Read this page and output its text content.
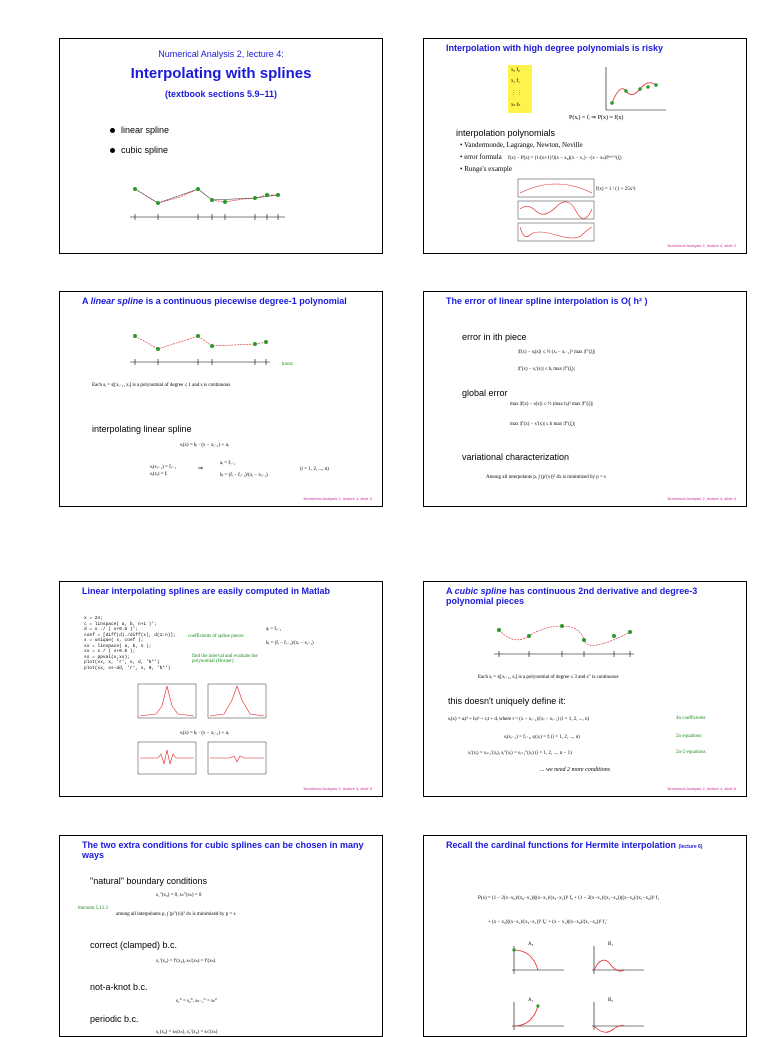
Numerical Analysis 2, lecture 4:
Interpolating with splines
(textbook sections 5.9–11)
linear spline
cubic spline
Interpolation with high degree polynomials is risky
x₀ f₀
x₁ f₁
⋮ ⋮
xₙ fₙ
P(xᵢ) = fᵢ ⇒ P(x) ≈ f(x)
interpolation polynomials
• Vandermonde, Lagrange, Newton, Neville
• error formula f(x) − P(x) = (1/(n+1)!)(x − x₀)(x − x₁)···(x − xₙ)f⁽ⁿ⁺¹⁾(ξ)
• Runge's example
f(x) = 1 / (1 + 25x²)
Numerical Analysis 2, lecture 4, slide 2
A linear spline is a continuous piecewise degree-1 polynomial
knots
Each sᵢ = s|[xᵢ₋₁, xᵢ] is a polynomial of degree ≤ 1 and s is continuous
interpolating linear spline
sᵢ(x) = bᵢ · (x − xᵢ₋₁) + aᵢ
sᵢ(xᵢ₋₁) = fᵢ₋₁
sᵢ(xᵢ) = fᵢ
⇒
aᵢ = fᵢ₋₁
bᵢ = (fᵢ − fᵢ₋₁)/(xᵢ − xᵢ₋₁)
(i = 1, 2, ..., n)
Numerical Analysis 2, lecture 4, slide 3
The error of linear spline interpolation is O( h² )
error in ith piece
|f(x) − sᵢ(x)| ≤ ½ (xᵢ − xᵢ₋₁)² max |f″(ξ)|
|f′(x) − sᵢ′(x)| ≤ hᵢ max |f″(ξ)|
global error
max |f(x) − s(x)| ≤ ½ (max hᵢ)² max |f″(ξ)|
max |f′(x) − s′(x)| ≤ h max |f″(ξ)|
variational characterization
Among all interpolants p, ∫ (p′(x))² dx is minimized by p = s
Numerical Analysis 2, lecture 4, slide 4
Linear interpolating splines are easily computed in Matlab
x = 2n;
c = linspace( a, b, n+1 )';
d = x ./ ( x+0.6 )';
coef = [diff(d)./diff(x), d(1:n)];
x = unique( x, coef );
xx = linspace( a, b, n );
xx = x / ( x+0.6 );
ss = ppval(x,xx);
plot(xx, x, 'r', x, d, 'b*')
plot(xx, ss-dd, 'r', x, 0, 'b*')
coefficients of spline pieces
aᵢ = fᵢ₋₁
bᵢ = (fᵢ − fᵢ₋₁)/(xᵢ − xᵢ₋₁)
find the interval and evaluate the polynomial (Horner)
sᵢ(x) = bᵢ · (x − xᵢ₋₁) + aᵢ
Numerical Analysis 2, lecture 4, slide 5
A cubic spline has continuous 2nd derivative and degree-3 polynomial pieces
Each sᵢ = s|[xᵢ₋₁, xᵢ] is a polynomial of degree ≤ 3 and s″ is continuous
this doesn't uniquely define it:
sᵢ(x) = aᵢt³ + bᵢt² + cᵢt + dᵢ where t = (x − xᵢ₋₁)/(xᵢ − xᵢ₋₁) (i = 1, 2, ..., n)	4n coefficients
sᵢ(xᵢ₋₁) = fᵢ₋₁, sᵢ(xᵢ) = fᵢ (i = 1, 2, ..., n)	2n equations
sᵢ′(xᵢ) = sᵢ₊₁′(xᵢ), sᵢ″(xᵢ) = sᵢ₊₁″(xᵢ) (i = 1, 2, ..., n − 1)	2n-2 equations
... we need 2 more conditions
Numerical Analysis 2, lecture 4, slide 6
The two extra conditions for cubic splines can be chosen in many ways
"natural" boundary conditions
s₁″(x₀) = 0, sₙ″(xₙ) = 0
theorem 5.11.3
among all interpolants p, ∫ (p″(x))² dx is minimized by p = s
correct (clamped) b.c.
s₁′(x₀) = f′(x₀), sₙ′(xₙ) = f′(xₙ)
not-a-knot b.c.
s₁‴ = s₂‴, sₙ₋₁‴ = sₙ‴
periodic b.c.
s₁(x₀) = sₙ(xₙ), s₁′(x₀) = sₙ′(xₙ)
Recall the cardinal functions for Hermite interpolation (lecture 6)
P(x) = (1 − 2(x−x₀)/(x₀−x₁))((x−x₁)/(x₀−x₁))² f₀ + (1 − 2(x−x₁)/(x₁−x₀))((x−x₀)/(x₁−x₀))² f₁
+ (x − x₀)((x−x₁)/(x₀−x₁))² f₀′ + (x − x₁)((x−x₀)/(x₁−x₀))² f₁′
A₀	B₁
A₁	B₀
